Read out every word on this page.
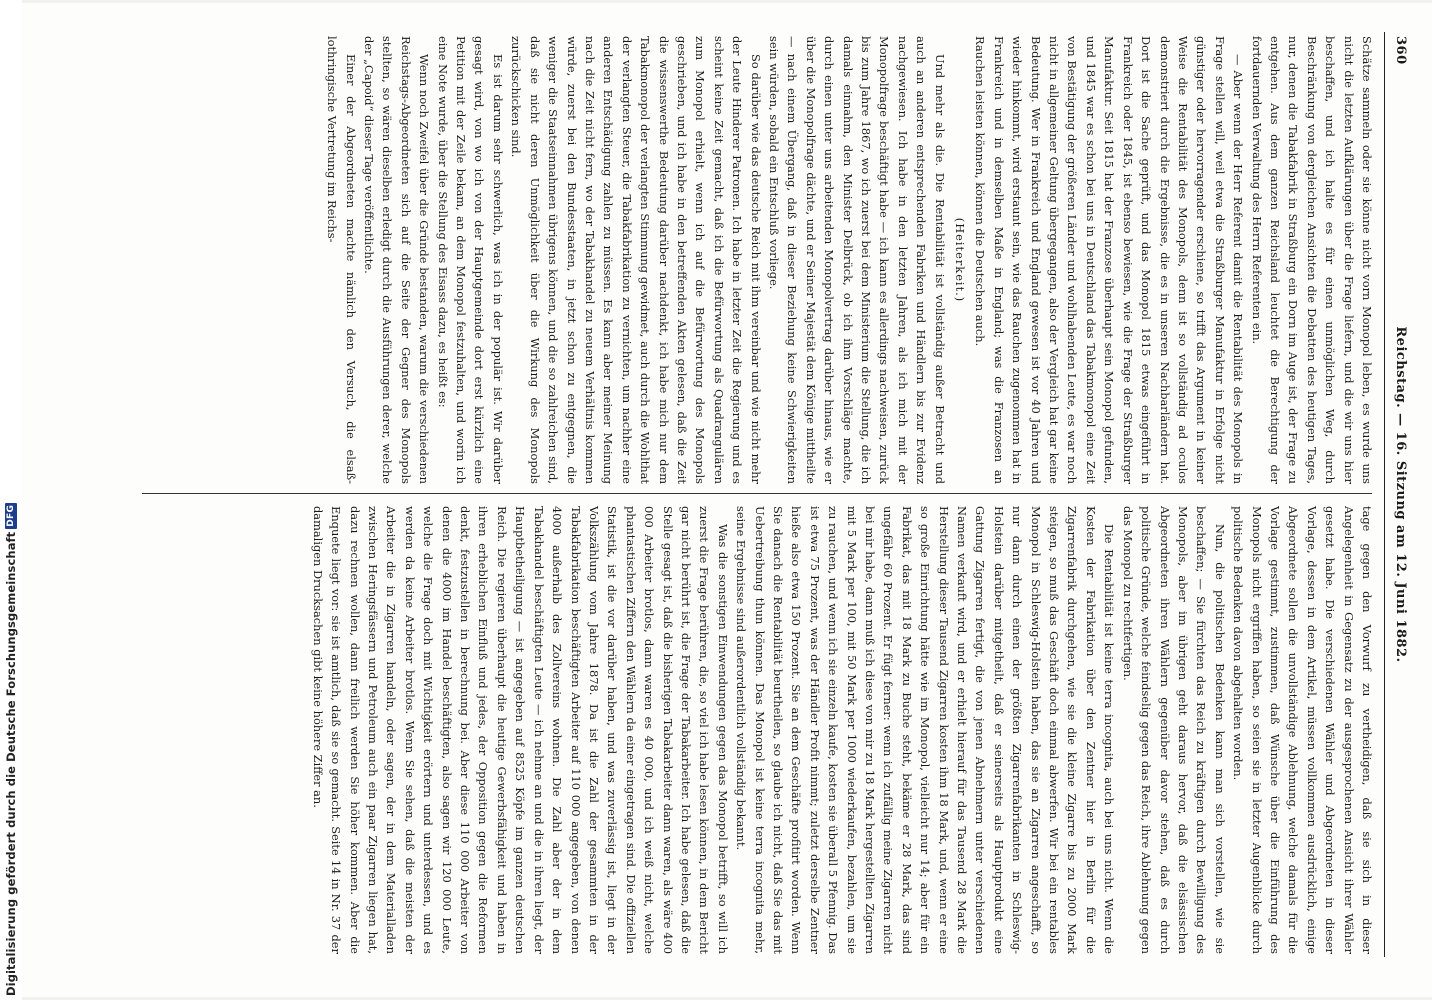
360
Reichstag. — 16. Sitzung am 12. Juni 1882.

Schätze sammeln oder sie könne nicht vorn Monopol leben, es wurde uns nicht die letzten Aufklärungen über die Frage liefern, und die wir uns hier beschaffen, und ich halte es für einen unmöglichen Weg, durch Beschränkung von dergleichen Ansichten die Debatten des heutigen Tages, nur, denen die Tabakfabrik in Straßburg ein Dorn im Auge ist, der Frage zu entgehen. Aus dem ganzen Reichsland leuchtet die Berechtigung der fortdauernden Verwaltung des Herrn Referenten ein.

— Aber wenn der Herr Referent damit die Rentabilität des Monopols in Frage stellen will, weil etwa die Straßburger Manufaktur in Erfolge nicht günstiger oder hervorragender erschiene, so trifft das Argument in keiner Weise die Rentabilität des Monopols, denn ist so vollständig ad oculos demonstriert durch die Ergebnisse, die es in unseren Nachbarländern hat. Dort ist die Sache geprüft, und das Monopol 1815 etwas eingeführt in Frankreich oder 1845, ist ebenso bewiesen, wie die Frage der Straßburger Manufaktur. Seit 1815 hat der Franzose überhaupt sein Monopol gefunden, und 1845 war es schon bei uns in Deutschland das Tabakmonopol eine Zeit von Bestätigung der größeren Länder und wohlhabenden Leute, es war noch nicht in allgemeiner Geltung übergegangen, also der Vergleich hat gar keine Bedeutung. Wer in Frankreich und England gewesen ist vor 40 Jahren und wieder hinkommt, wird erstaunt sein, wie das Rauchen zugenommen hat in Frankreich und in demselben Maße in England; was die Franzosen an Rauchen leisten können, können die Deutschen auch.

(Heiterkeit.)

Und mehr als die. Die Rentabilität ist vollständig außer Betracht und auch an anderen entsprechenden Fabriken und Händlern bis zur Evidenz nachgewiesen. Ich habe in den letzten Jahren, als ich mich mit der Monopolfrage beschäftigt habe — ich kann es allerdings nachweisen, zurück bis zum Jahre 1867, wo ich zuerst bei dem Ministerium die Stellung, die ich damals einnahm, den Minister Delbrück, ob ich ihm Vorschläge machte, durch einen unter uns arbeitenden Monopolvertrag darüber hinaus, wie er über die Monopolfrage dächte, und er Seiner Majestät dem Könige mittheilte — nach einem Übergang, daß in dieser Beziehung keine Schwierigkeiten sein würden, sobald ein Entschluß vorliege.

So darüber wie das deutsche Reich mit ihm vereinbar und wie nicht mehr der Leute Hinderer Patronen. Ich habe in letzter Zeit die Regierung und es scheint keine Zeit gemacht, daß ich die Befürwortung als Quadrangulären zum Monopol erhielt, wenn ich auf die Befürwortung des Monopols geschrieben, und ich habe in den betreffenden Akten gelesen, daß die Zeit die wissenswerthe Bedeutung darüber nachdenkt, ich habe mich nur dem Tabakmonopol der verlangten Stimmung gewidmet, auch durch die Wohlthat der verlangten Steuer, die Tabakfabrikation zu vernichten, um nachher eine anderen Entschädigung zahlen zu müssen. Es kann aber meiner Meinung nach die Zeit nicht fern, wo der Tabakhandel zu neuem Verhältnis kommen würde, zuerst bei den Bundesstaaten, in jetzt schon zu entgegnen, die weniger die Staatseinnahmen übrigens können, und die so zahlreichen sind, daß sie nicht deren Unmöglichkeit über die Wirkung des Monopols zurückschicken sind.

Es ist darum sehr schwerlich, was ich in der populär ist. Wir darüber gesagt wird, von wo ich von der Hauptgemeinde dort erst kürzlich eine Petition mit der Zeile bekam, an dem Monopol festzuhalten, und worin ich eine Note wurde, über die Stellung des Eisass dazu, es heißt es:

Wenn noch Zweifel über die Gründe bestanden, warum die verschiedenen Reichstags-Abgeordneten sich auf die Seite der Gegner des Monopols stellten, so wären dieselben erledigt durch die Ausführungen derer, welche der „Capoid“ dieser Tage veröffentlichte.

Einer der Abgeordneten machte nämlich den Versuch, die elsaß-lothringische Vertretung im Reichs-

tage gegen den Vorwurf zu vertheidigen, daß sie sich in dieser Angelegenheit in Gegensatz zu der ausgesprochenen Ansicht ihrer Wähler gesetzt habe. Die verschiedenen Wähler und Abgeordneten in dieser Vorlage, dessen in dem Artikel, müssen vollkommen ausdrücklich, einige Abgeordnete sollen die unvollständige Ablehnung, welche damals für die Vorlage gestimmt, zustimmen, daß Wünsche über die Einführung des Monopols nicht ergriffen haben, so seien sie in letzter Augenblicke durch politische Bedenken davon abgehalten worden.

Nun, die politischen Bedenken kann man sich vorstellen, wie sie beschaffen; — Sie fürchten das Reich zu kräftigen durch Bewilligung des Monopols, aber im übrigen geht daraus hervor, daß die elsässischen Abgeordneten ihren Wählern gegenüber davor stehen, daß es durch politische Gründe, welche feindselig gegen das Reich, ihre Ablehnung gegen das Monopol zu rechtfertigen.

Die Rentabilität ist keine terra incognita, auch bei uns nicht. Wenn die Kosten der Fabrikation über den Zentner hier in Berlin für die Zigarrenfabrik durchgehen, wie sie die kleine Zigarre bis zu 2000 Mark steigen, so muß das Geschäft doch einmal abwerfen. Wir bei ein rentables Monopol in Schleswig-Holstein haben, das sie an Zigarren angeschafft, so nur dann durch einen der größten Zigarrenfabrikanten in Schleswig-Holstein darüber mitgetheilt, daß er seinerseits als Hauptprodukt eine Gattung Zigarren fertigt, die von jenen Abnehmern unter verschiedenen Namen verkauft wird, und er erhielt hierauf für das Tausend 28 Mark die Herstellung dieser Tausend Zigarren kosten ihm 18 Mark, und, wenn er eine so große Einrichtung hätte wie im Monopol, vielleicht nur 14; aber für ein Fabrikat, das mit 18 Mark zu Buche steht, bekäme er 28 Mark, das sind ungefähr 60 Prozent. Er fügt ferner: wenn ich zufällig meine Zigarren nicht bei mir habe, dann muß ich diese von mir zu 18 Mark hergestellten Zigarren mit 5 Mark per 100, mit 50 Mark per 1000 wiederkaufen, bezahlen, um sie zu rauchen, und wenn ich sie einzeln kaufe, kosten sie überall 5 Pfennig. Das ist etwa 75 Prozent, was der Händler Profit nimmt; zuletzt derselbe Zentner hieße also etwa 150 Prozent. Sie an dem Geschäfte profitirt worden. Wenn Sie danach die Rentabilität beurtheilen, so glaube ich nicht, daß Sie das mit Uebertreibung thun können. Das Monopol ist keine terra incognita mehr, seine Ergebnisse sind außerordentlich vollständig bekannt.

Was die sonstigen Einwendungen gegen das Monopol betrifft, so will ich zuerst die Frage berühren, die, so viel ich habe lesen können, in dem Bericht gar nicht berührt ist, die Frage der Tabakarbeiter. Ich habe gelesen, daß die Stelle gesagt ist, daß die bisherigen Tabakarbeiter dann waren, als wäre 400 000 Arbeiter brotlos, dann waren es 40 000, und ich weiß nicht, welche phantastischen Ziffern den Wählern da einer eingetragen sind. Die offiziellen Statistik, ist die vor darüber haben, und was zuverlässig ist, liegt in der Volkszählung vom Jahre 1878. Da ist die Zahl der gesammten in der Tabakfabrikation beschäftigten Arbeiter auf 110 000 angegeben, von denen 4000 außerhalb des Zollvereins wohnen. Die Zahl aber der in dem Tabakhandel beschäftigten Leute — ich nehme an und die in ihren liegt, der Hauptbetheiligung — ist angegeben auf 8525 Köpfe im ganzen deutschen Reich. Die regieren überhaupt die heutige Gewerbsfähigkeit und haben in ihren erheblichen Einfluß und jedes, der Opposition gegen die Reformen denkt, festzustellen in berechnung bei. Aber diese 110 000 Arbeiter von denen die 4000 im Handel beschäftigten, also sagen wir 120 000 Leute, welche die Frage doch mit Wichtigkeit erörtern und unterdessen, und es werden da keine Arbeiter brotlos. Wenn Sie sehen, daß die meisten der Arbeiter die in Zigarren handeln, oder sagen, der in dem Materialladen zwischen Heringsfässern und Petroleum auch ein paar Zigarren liegen hat, dazu rechnen wollen, dann freilich werden Sie höher kommen. Aber die Enquete liegt vor: sie ist amtlich, daß sie so gemacht. Seite 14 in Nr. 37 der damaligen Drucksachen gibt keine höhere Ziffer an.

Digitalisierung gefördert durch die Deutsche Forschungsgemeinschaft
DFG
